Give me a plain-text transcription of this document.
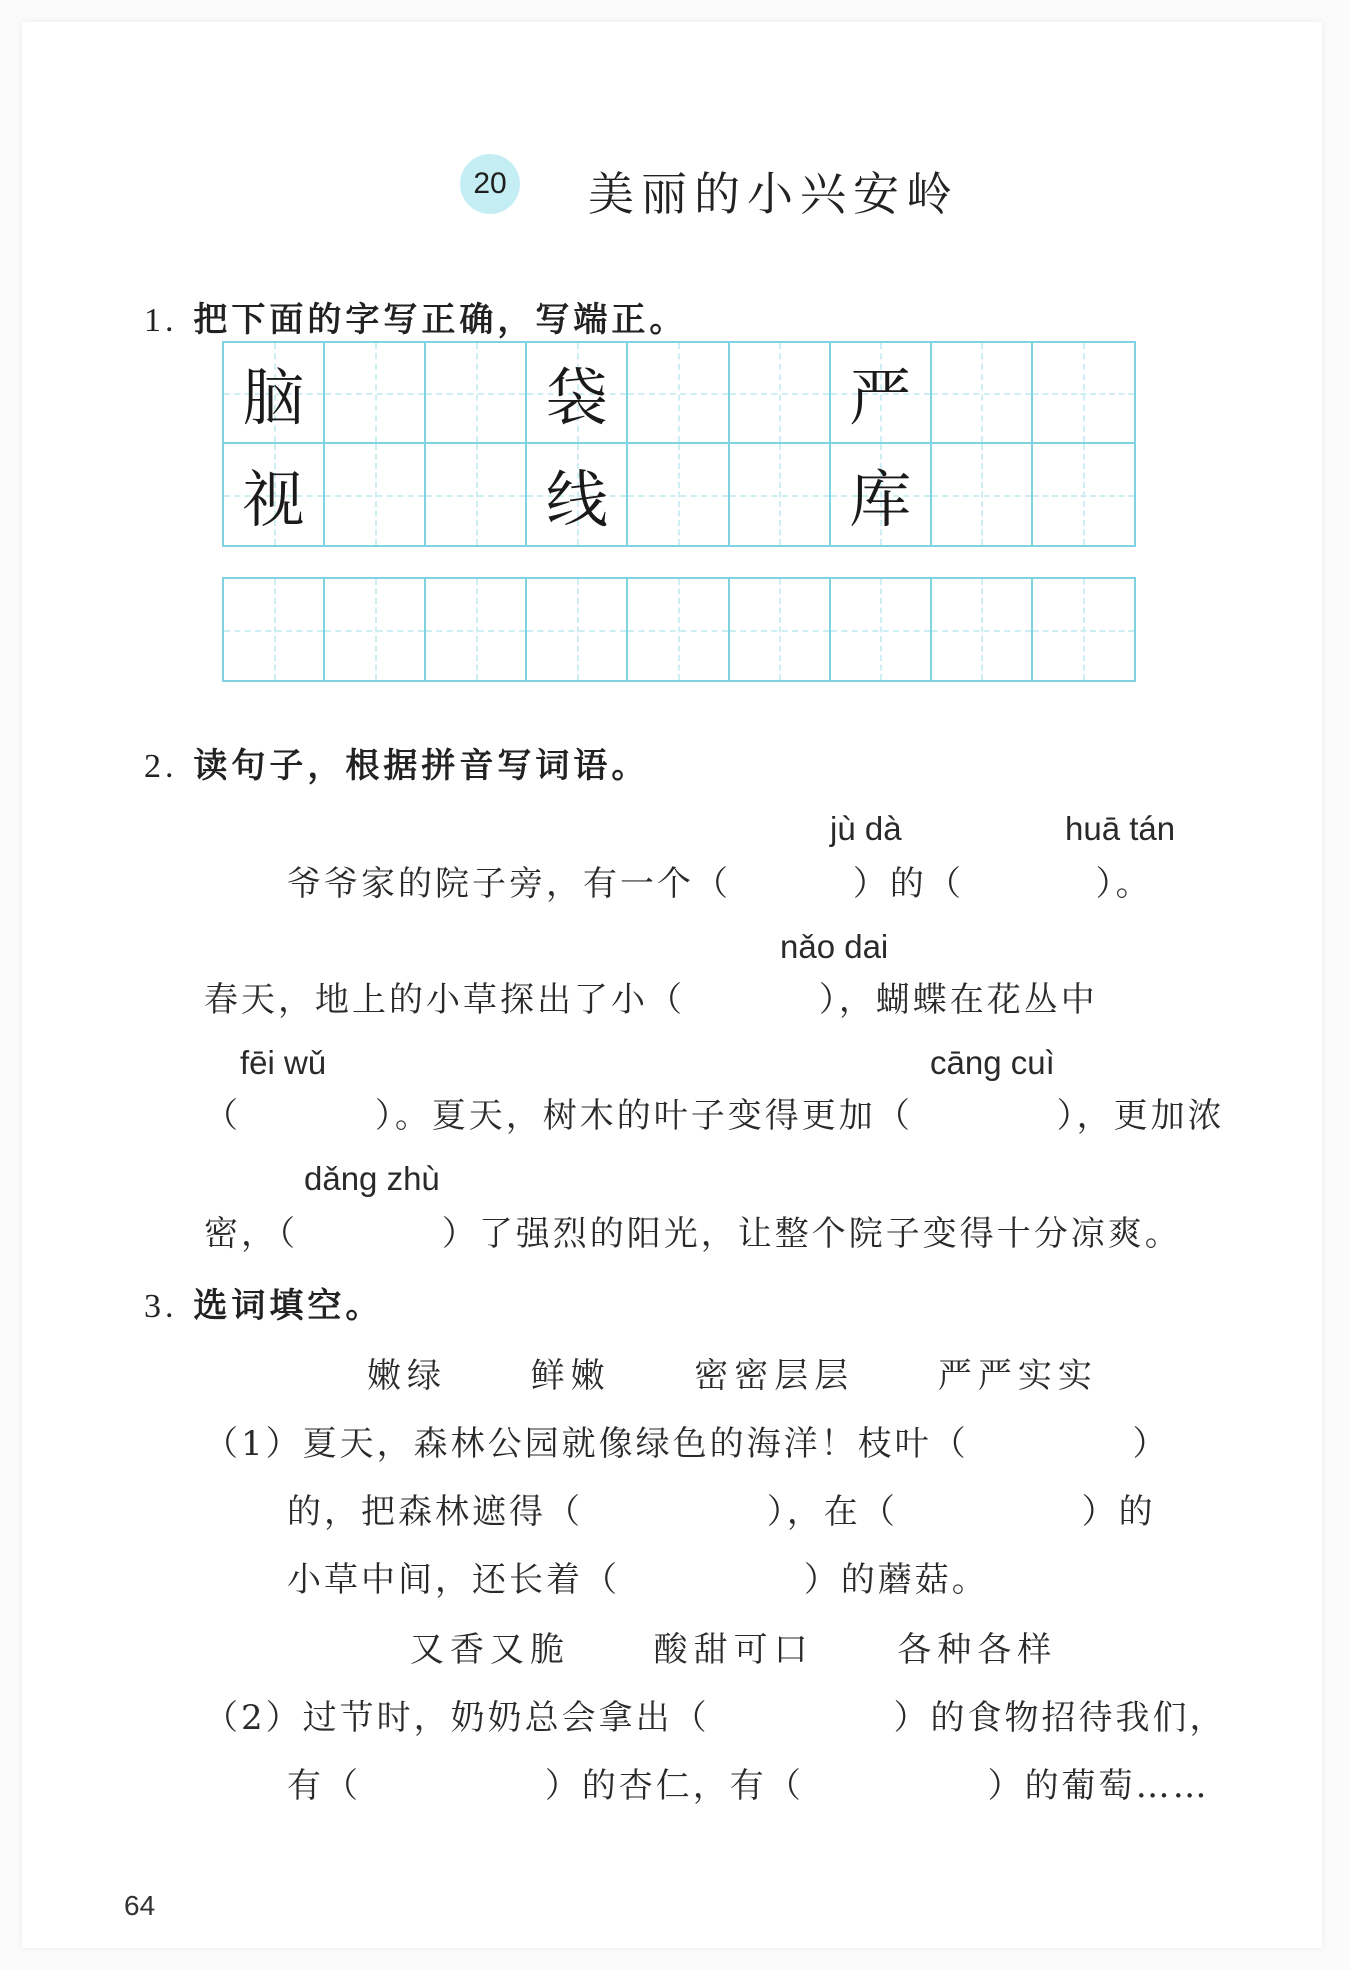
20 美丽的小兴安岭
1. 把下面的字写正确，写端正。
脑	袋	严
视	线	库
2. 读句子，根据拼音写词语。
jù dà	huā tán
爷爷家的院子旁，有一个（	）的（	）。
nǎo dai
春天，地上的小草探出了小（	），蝴蝶在花丛中
fēi wǔ	cāng cuì
（	）。夏天，树木的叶子变得更加（	），更加浓
dǎng zhù
密，（	）了强烈的阳光，让整个院子变得十分凉爽。
3. 选词填空。
嫩绿 鲜嫩 密密层层 严严实实
（1）夏天，森林公园就像绿色的海洋！枝叶（	）
的，把森林遮得（	），在（	）的
小草中间，还长着（	）的蘑菇。
又香又脆 酸甜可口 各种各样
（2）过节时，奶奶总会拿出（	）的食物招待我们，
有（	）的杏仁，有（	）的葡萄……
64
